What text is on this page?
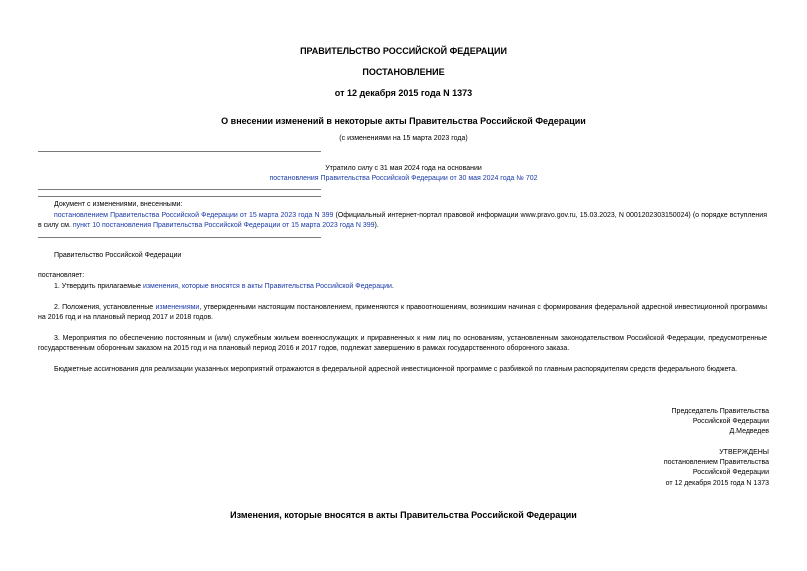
ПРАВИТЕЛЬСТВО РОССИЙСКОЙ ФЕДЕРАЦИИ
ПОСТАНОВЛЕНИЕ
от 12 декабря 2015 года N 1373
О внесении изменений в некоторые акты Правительства Российской Федерации
(с изменениями на 15 марта 2023 года)
Утратило силу с 31 мая 2024 года на основании
постановления Правительства Российской Федерации от 30 мая 2024 года № 702
Документ с изменениями, внесенными:
постановлением Правительства Российской Федерации от 15 марта 2023 года N 399 (Официальный интернет-портал правовой информации www.pravo.gov.ru, 15.03.2023, N 0001202303150024) (о порядке вступления в силу см. пункт 10 постановления Правительства Российской Федерации от 15 марта 2023 года N 399).
Правительство Российской Федерации
постановляет:
1. Утвердить прилагаемые изменения, которые вносятся в акты Правительства Российской Федерации.
2. Положения, установленные изменениями, утвержденными настоящим постановлением, применяются к правоотношениям, возникшим начиная с формирования федеральной адресной инвестиционной программы на 2016 год и на плановый период 2017 и 2018 годов.
3. Мероприятия по обеспечению постоянным и (или) служебным жильем военнослужащих и приравненных к ним лиц по основаниям, установленным законодательством Российской Федерации, предусмотренные государственным оборонным заказом на 2015 год и на плановый период 2016 и 2017 годов, подлежат завершению в рамках государственного оборонного заказа.
Бюджетные ассигнования для реализации указанных мероприятий отражаются в федеральной адресной инвестиционной программе с разбивкой по главным распорядителям средств федерального бюджета.
Председатель Правительства
Российской Федерации
Д.Медведев
УТВЕРЖДЕНЫ
постановлением Правительства
Российской Федерации
от 12 декабря 2015 года N 1373
Изменения, которые вносятся в акты Правительства Российской Федерации
